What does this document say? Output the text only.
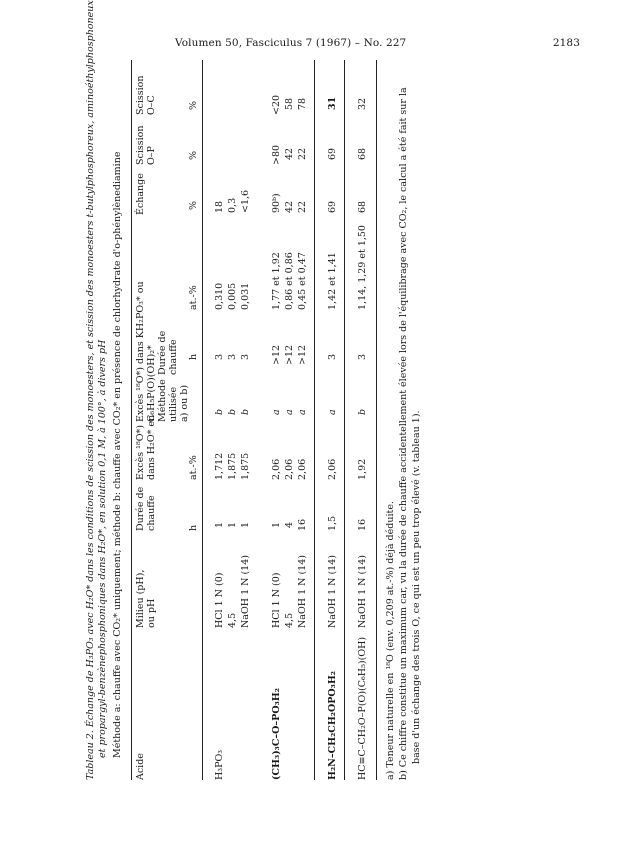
Volumen 50, Fasciculus 7 (1967) – No. 227	2183
Tableau 2. Échange de H₃PO₃ avec H₂O* dans les conditions de scission des monoesters, et scission des monoesters t-butylphosphoreux, aminoéthylphosphoneux et propargyl-benzènephosphoniques dans H₂O*, en solution 0,1 M, à 100°, à divers pH Méthode a: chauffe avec CO₂* uniquement; méthode b: chauffe avec CO₂* en présence de chlorhydrate d'o-phénylènediamine
Acide
Milieu (pH),
ou pH
Durée de
chauffe
Excès ¹⁸O*)
dans H₂O* en
Excès ¹⁸O*) dans KH₂PO₃* ou
C₆H₅P(O)(OH)₂* Méthode
utilisée
a) ou b)
Durée de
chauffe
Échange
Scission
O–P
Scission
O–C
h
at.-%
h
at.-%
%
%
%
H₃PO₃
HCl 1 N (0)
1
1,712
b
3
0,310
18
4,5
1
1,875
b
3
0,005
0,3
NaOH 1 N (14)
1
1,875
b
3
0,031
<1,6
(CH₃)₃C–O–PO₃H₂
HCl 1 N (0)
1
2,06
a
>12
1,77 et 1,92
90ᵇ)
>80
<20
4,5
4
2,06
a
>12
0,86 et 0,86
42
42
58
NaOH 1 N (14)
16
2,06
a
>12
0,45 et 0,47
22
22
78
H₂N–CH₂CH₂OPO₃H₂
NaOH 1 N (14)
1,5
2,06
a
3
1,42 et 1,41
69
69
31
HC≡C–CH₂O–P(O)(C₆H₅)(OH)
NaOH 1 N (14)
16
1,92
b
3
1,14, 1,29 et 1,50
68
68
32
a) Teneur naturelle en ¹⁸O (env. 0,209 at.-%) déjà déduite. b) Ce chiffre constitue un maximum car, vu la durée de chauffe accidentellement élevée lors de l'équilibrage avec CO₂, le calcul a été fait sur la base d'un échange des trois O, ce qui est un peu trop élevé (v. tableau 1).
